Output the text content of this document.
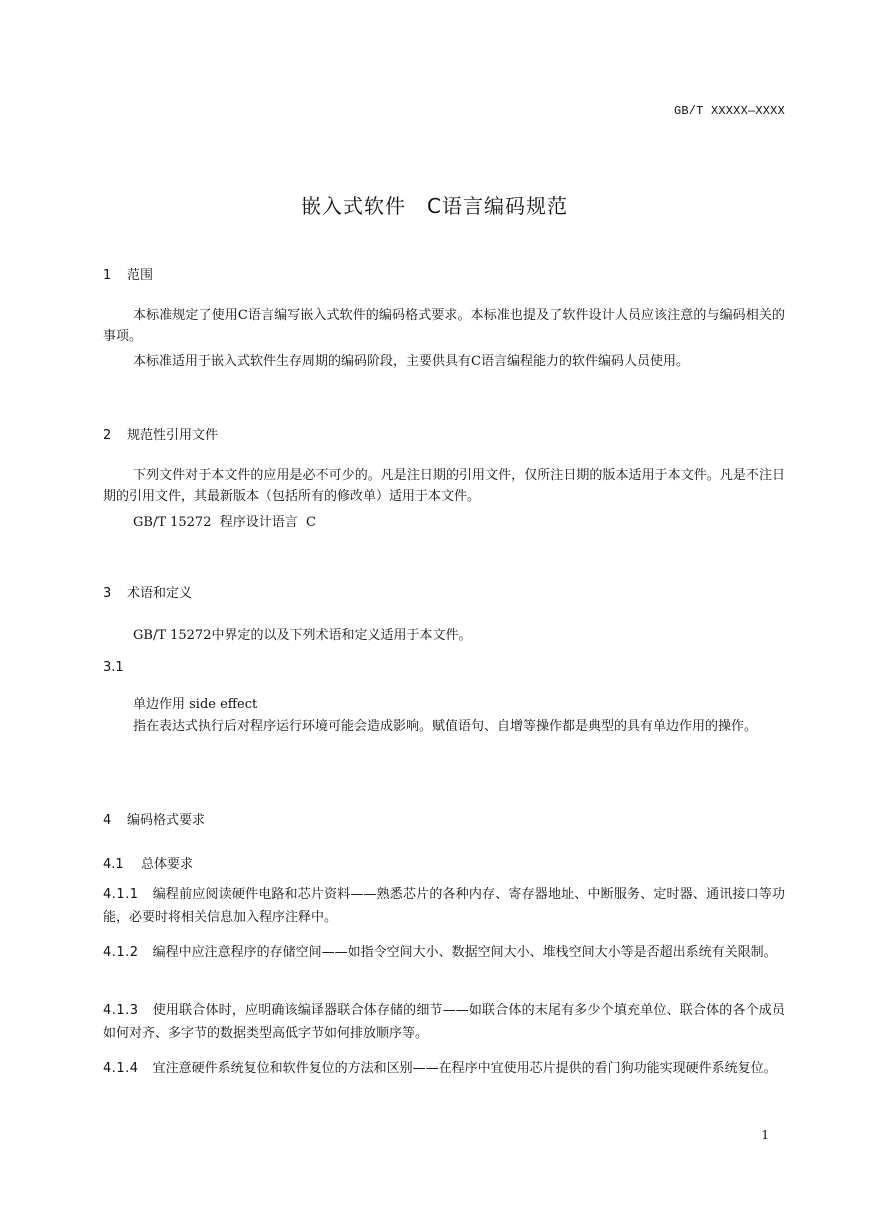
GB/T XXXXX—XXXX
嵌入式软件　C语言编码规范
1 范围
本标准规定了使用C语言编写嵌入式软件的编码格式要求。本标准也提及了软件设计人员应该注意的与编码相关的事项。
本标准适用于嵌入式软件生存周期的编码阶段，主要供具有C语言编程能力的软件编码人员使用。
2 规范性引用文件
下列文件对于本文件的应用是必不可少的。凡是注日期的引用文件，仅所注日期的版本适用于本文件。凡是不注日期的引用文件，其最新版本（包括所有的修改单）适用于本文件。
GB/T 15272  程序设计语言  C
3 术语和定义
GB/T 15272中界定的以及下列术语和定义适用于本文件。
3.1
单边作用 side effect
指在表达式执行后对程序运行环境可能会造成影响。赋值语句、自增等操作都是典型的具有单边作用的操作。
4 编码格式要求
4.1 总体要求
4.1.1 编程前应阅读硬件电路和芯片资料——熟悉芯片的各种内存、寄存器地址、中断服务、定时器、通讯接口等功能，必要时将相关信息加入程序注释中。
4.1.2 编程中应注意程序的存储空间——如指令空间大小、数据空间大小、堆栈空间大小等是否超出系统有关限制。
4.1.3 使用联合体时，应明确该编译器联合体存储的细节——如联合体的末尾有多少个填充单位、联合体的各个成员如何对齐、多字节的数据类型高低字节如何排放顺序等。
4.1.4 宜注意硬件系统复位和软件复位的方法和区别——在程序中宜使用芯片提供的看门狗功能实现硬件系统复位。
1
